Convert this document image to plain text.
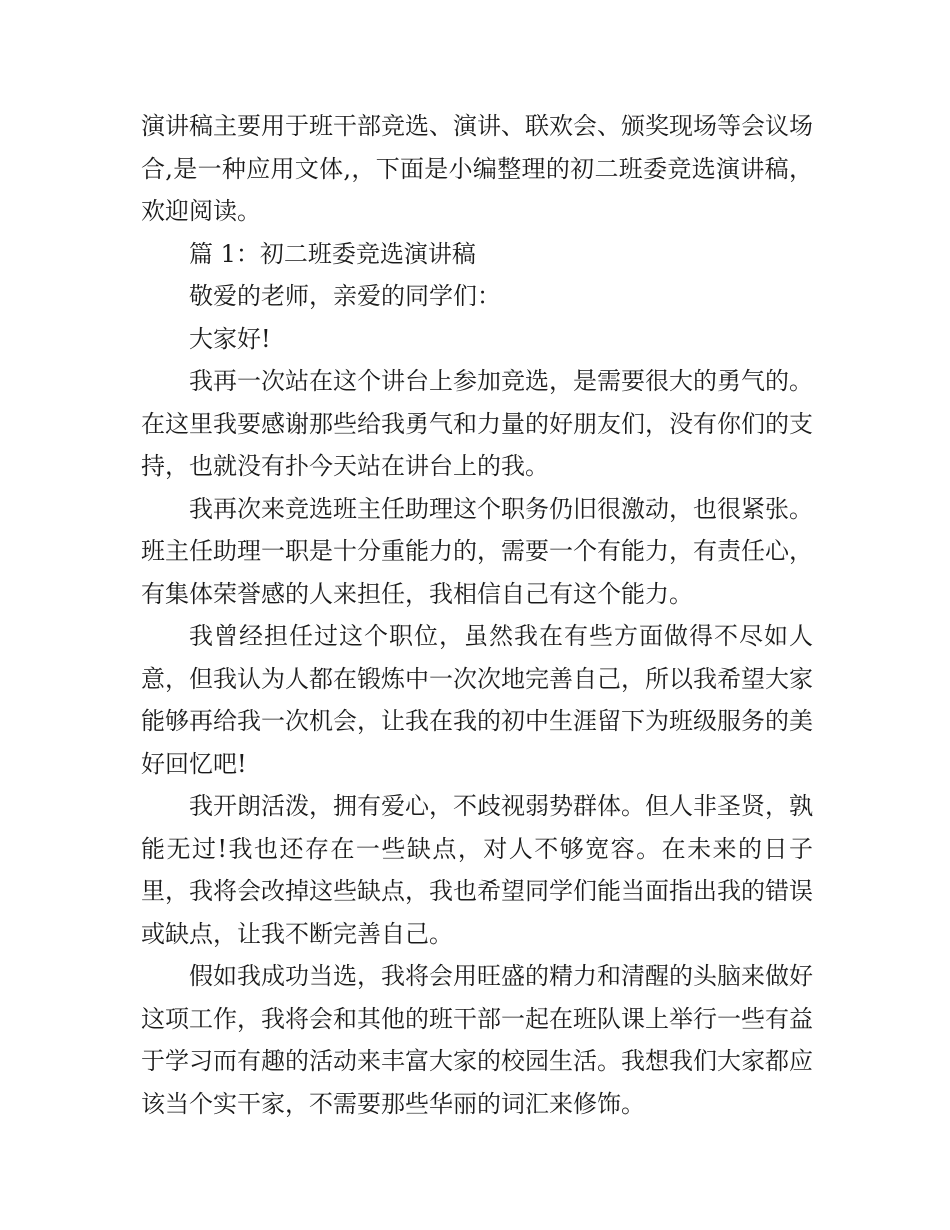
演讲稿主要用于班干部竞选、演讲、联欢会、颁奖现场等会议场合,是一种应用文体,，下面是小编整理的初二班委竞选演讲稿，欢迎阅读。

篇 1：初二班委竞选演讲稿

敬爱的老师，亲爱的同学们：

大家好!

我再一次站在这个讲台上参加竞选，是需要很大的勇气的。在这里我要感谢那些给我勇气和力量的好朋友们，没有你们的支持，也就没有扑今天站在讲台上的我。

我再次来竞选班主任助理这个职务仍旧很激动，也很紧张。班主任助理一职是十分重能力的，需要一个有能力，有责任心，有集体荣誉感的人来担任，我相信自己有这个能力。

我曾经担任过这个职位，虽然我在有些方面做得不尽如人意，但我认为人都在锻炼中一次次地完善自己，所以我希望大家能够再给我一次机会，让我在我的初中生涯留下为班级服务的美好回忆吧!

我开朗活泼，拥有爱心，不歧视弱势群体。但人非圣贤，孰能无过!我也还存在一些缺点，对人不够宽容。在未来的日子里，我将会改掉这些缺点，我也希望同学们能当面指出我的错误或缺点，让我不断完善自己。

假如我成功当选，我将会用旺盛的精力和清醒的头脑来做好这项工作，我将会和其他的班干部一起在班队课上举行一些有益于学习而有趣的活动来丰富大家的校园生活。我想我们大家都应该当个实干家，不需要那些华丽的词汇来修饰。
